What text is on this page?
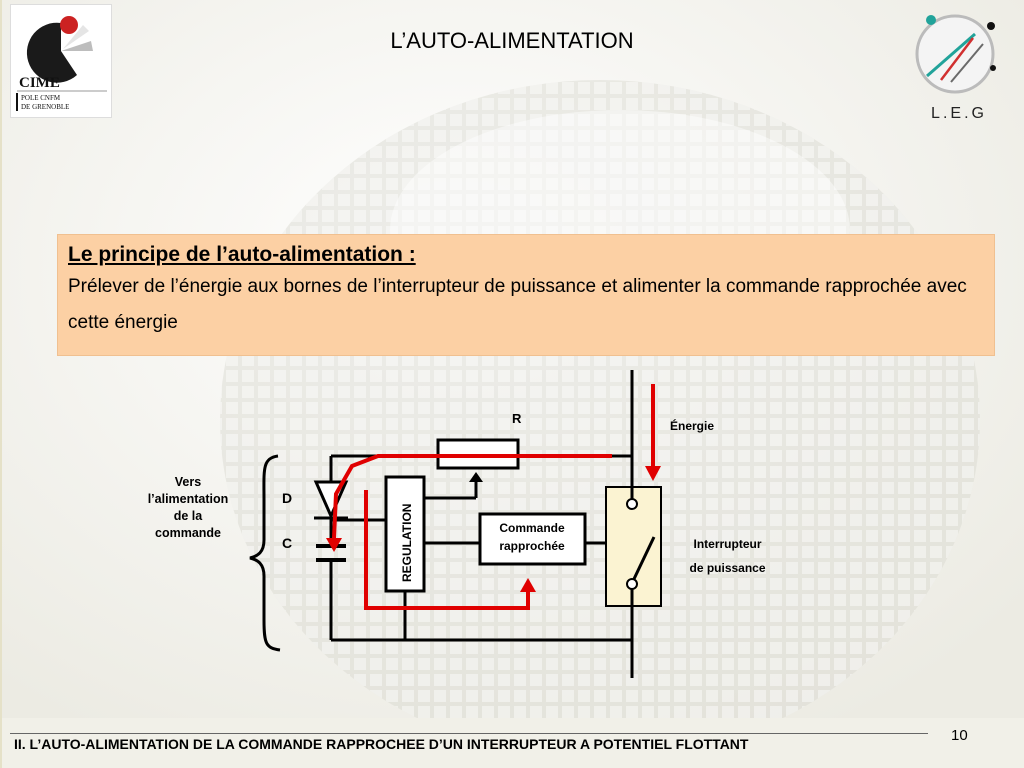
CIME
POLE CNFM
DE GRENOBLE	L.E.G
L’AUTO-ALIMENTATION
Le principe de l’auto-alimentation :
Prélever de l’énergie aux bornes de l’interrupteur de puissance et alimenter la commande rapprochée avec cette énergie
REGULATION	Commande
rapprochée
R	Énergie
D
C	Interrupteur
de puissance
Vers
l’alimentation
de la
commande
II. L’AUTO-ALIMENTATION DE LA COMMANDE RAPPROCHEE D’UN INTERRUPTEUR A POTENTIEL FLOTTANT	10
